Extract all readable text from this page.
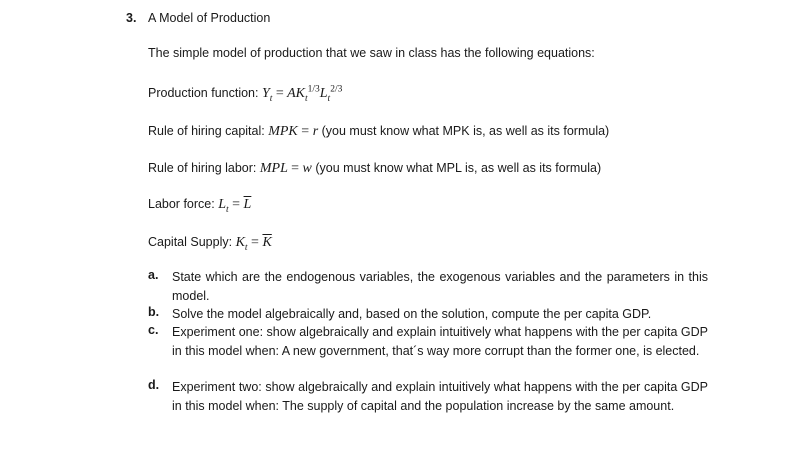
3. A Model of Production
The simple model of production that we saw in class has the following equations:
Production function: $Y_t = AK_t^{1/3}L_t^{2/3}$
Rule of hiring capital: MPK = r (you must know what MPK is, as well as its formula)
Rule of hiring labor: MPL = w (you must know what MPL is, as well as its formula)
Labor force: $L_t = \overline{L}$
Capital Supply: $K_t = \overline{K}$
a. State which are the endogenous variables, the exogenous variables and the parameters in this model.
b. Solve the model algebraically and, based on the solution, compute the per capita GDP.
c. Experiment one: show algebraically and explain intuitively what happens with the per capita GDP in this model when: A new government, that´s way more corrupt than the former one, is elected.
d. Experiment two: show algebraically and explain intuitively what happens with the per capita GDP in this model when: The supply of capital and the population increase by the same amount.
